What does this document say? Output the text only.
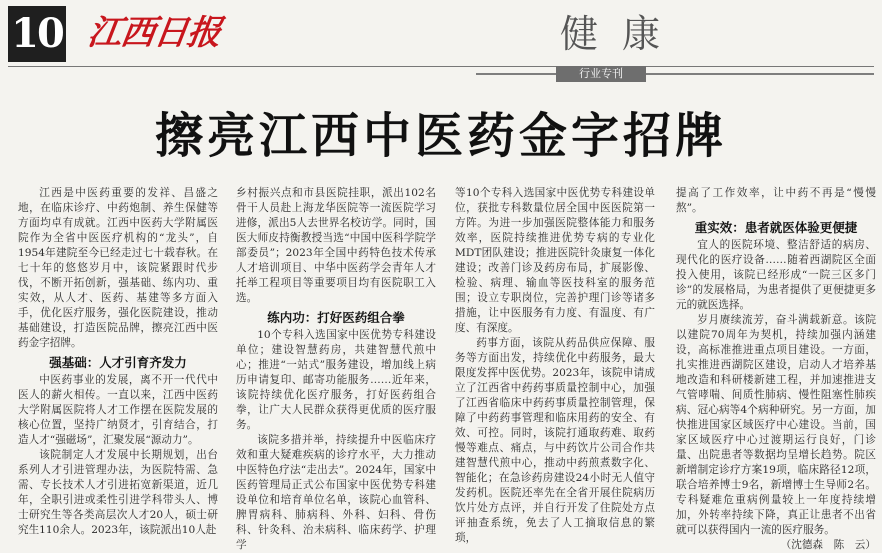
10 江西日报	健康
行业专刊
擦亮江西中医药金字招牌

江西是中医药重要的发祥、昌盛之地，在临床诊疗、中药炮制、养生保健等方面均卓有成就。江西中医药大学附属医院作为全省中医医疗机构的“龙头”，自1954年建院至今已经走过七十载春秋。在七十年的悠悠岁月中，该院紧跟时代步伐，不断开拓创新，强基础、练内功、重实效，从人才、医药、基建等多方面入手，优化医疗服务，强化医院建设，推动基础建设，打造医院品牌，擦亮江西中医药金字招牌。

强基础：人才引育齐发力

中医药事业的发展，离不开一代代中医人的薪火相传。一直以来，江西中医药大学附属医院将人才工作摆在医院发展的核心位置，坚持广纳贤才，引育结合，打造人才“强磁场”，汇聚发展“源动力”。

该院制定人才发展中长期规划，出台系列人才引进管理办法，为医院特需、急需、专长技术人才引进拓宽新渠道，近几年，全职引进或柔性引进学科带头人、博士研究生等各类高层次人才20人，硕士研究生110余人。2023年，该院派出10人赴

乡村振兴点和市县医院挂职，派出102名骨干人员赴上海龙华医院等一流医院学习进修，派出5人去世界名校访学。同时，国医大师皮持衡教授当选“中国中医科学院学部委员”；2023年全国中药特色技术传承人才培训项目、中华中医药学会青年人才托举工程项目等重要项目均有医院职工入选。

练内功：打好医药组合拳

10个专科入选国家中医优势专科建设单位；建设智慧药房，共建智慧代煎中心；推进“一站式”服务建设，增加线上病历申请复印、邮寄功能服务……近年来，该院持续优化医疗服务，打好医药组合拳，让广大人民群众获得更优质的医疗服务。

该院多措并举，持续提升中医临床疗效和重大疑难疾病的诊疗水平，大力推动中医特色疗法“走出去”。2024年，国家中医药管理局正式公布国家中医优势专科建设单位和培育单位名单，该院心血管科、脾胃病科、肺病科、外科、妇科、骨伤科、针灸科、治未病科、临床药学、护理学

等10个专科入选国家中医优势专科建设单位，获批专科数量位居全国中医医院第一方阵。为进一步加强医院整体能力和服务效率，医院持续推进优势专病的专业化MDT团队建设；推进医院针灸康复一体化建设；改善门诊及药房布局，扩展影像、检验、病理、输血等医技科室的服务范围；设立专职岗位，完善护理门诊等诸多措施，让中医服务有力度、有温度、有广度、有深度。

药事方面，该院从药品供应保障、服务等方面出发，持续优化中药服务，最大限度发挥中医优势。2023年，该院申请成立了江西省中药药事质量控制中心，加强了江西省临床中药药事质量控制管理，保障了中药药事管理和临床用药的安全、有效、可控。同时，该院打通取药难、取药慢等难点、痛点，与中药饮片公司合作共建智慧代煎中心，推动中药煎煮数字化、智能化；在急诊药房建设24小时无人值守发药机。医院还率先在全省开展住院病历饮片处方点评，并自行开发了住院处方点评抽查系统，免去了人工摘取信息的繁琐，

提高了工作效率，让中药不再是“慢慢熬”。

重实效：患者就医体验更便捷

宜人的医院环境、整洁舒适的病房、现代化的医疗设备……随着西湖院区全面投入使用，该院已经形成“一院三区多门诊”的发展格局，为患者提供了更便捷更多元的就医选择。

岁月赓续流芳，奋斗满载新意。该院以建院70周年为契机，持续加强内涵建设，高标准推进重点项目建设。一方面，扎实推进西湖院区建设，启动人才培养基地改造和科研楼新建工程，并加速推进支气管哮喘、间质性肺病、慢性阻塞性肺疾病、冠心病等4个病种研究。另一方面，加快推进国家区域医疗中心建设。当前，国家区域医疗中心过渡期运行良好，门诊量、出院患者等数据均呈增长趋势。院区新增制定诊疗方案19项，临床路径12项，联合培养博士9名，新增博士生导师2名。专科疑难危重病例量较上一年度持续增加，外转率持续下降，真正让患者不出省就可以获得国内一流的医疗服务。

（沈德森　陈　云）
